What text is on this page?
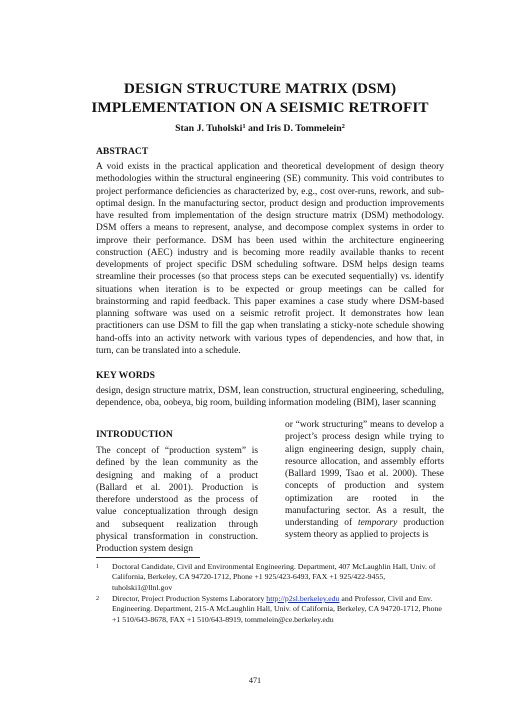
DESIGN STRUCTURE MATRIX (DSM)
IMPLEMENTATION ON A SEISMIC RETROFIT
Stan J. Tuholski$^1$ and Iris D. Tommelein$^2$
ABSTRACT
A void exists in the practical application and theoretical development of design theory methodologies within the structural engineering (SE) community. This void contributes to project performance deficiencies as characterized by, e.g., cost over-runs, rework, and sub-optimal design. In the manufacturing sector, product design and production improvements have resulted from implementation of the design structure matrix (DSM) methodology. DSM offers a means to represent, analyse, and decompose complex systems in order to improve their performance. DSM has been used within the architecture engineering construction (AEC) industry and is becoming more readily available thanks to recent developments of project specific DSM scheduling software. DSM helps design teams streamline their processes (so that process steps can be executed sequentially) vs. identify situations when iteration is to be expected or group meetings can be called for brainstorming and rapid feedback. This paper examines a case study where DSM-based planning software was used on a seismic retrofit project. It demonstrates how lean practitioners can use DSM to fill the gap when translating a sticky-note schedule showing hand-offs into an activity network with various types of dependencies, and how that, in turn, can be translated into a schedule.
KEY WORDS
design, design structure matrix, DSM, lean construction, structural engineering, scheduling, dependence, oba, oobeya, big room, building information modeling (BIM), laser scanning
INTRODUCTION
The concept of “production system” is defined by the lean community as the designing and making of a product (Ballard et al. 2001). Production is therefore understood as the process of value conceptualization through design and subsequent realization through physical transformation in construction. Production system design
or “work structuring” means to develop a project’s process design while trying to align engineering design, supply chain, resource allocation, and assembly efforts (Ballard 1999, Tsao et al. 2000). These concepts of production and system optimization are rooted in the manufacturing sector. As a result, the understanding of temporary production system theory as applied to projects is
1 Doctoral Candidate, Civil and Environmental Engineering. Department, 407 McLaughlin Hall, Univ. of California, Berkeley, CA 94720-1712, Phone +1 925/423-6493, FAX +1 925/422-9455, tuholski1@llnl.gov
2 Director, Project Production Systems Laboratory http://p2sl.berkeley.edu and Professor, Civil and Env. Engineering. Department, 215-A McLaughlin Hall, Univ. of California, Berkeley, CA 94720-1712, Phone +1 510/643-8678, FAX +1 510/643-8919, tommelein@ce.berkeley.edu
471
